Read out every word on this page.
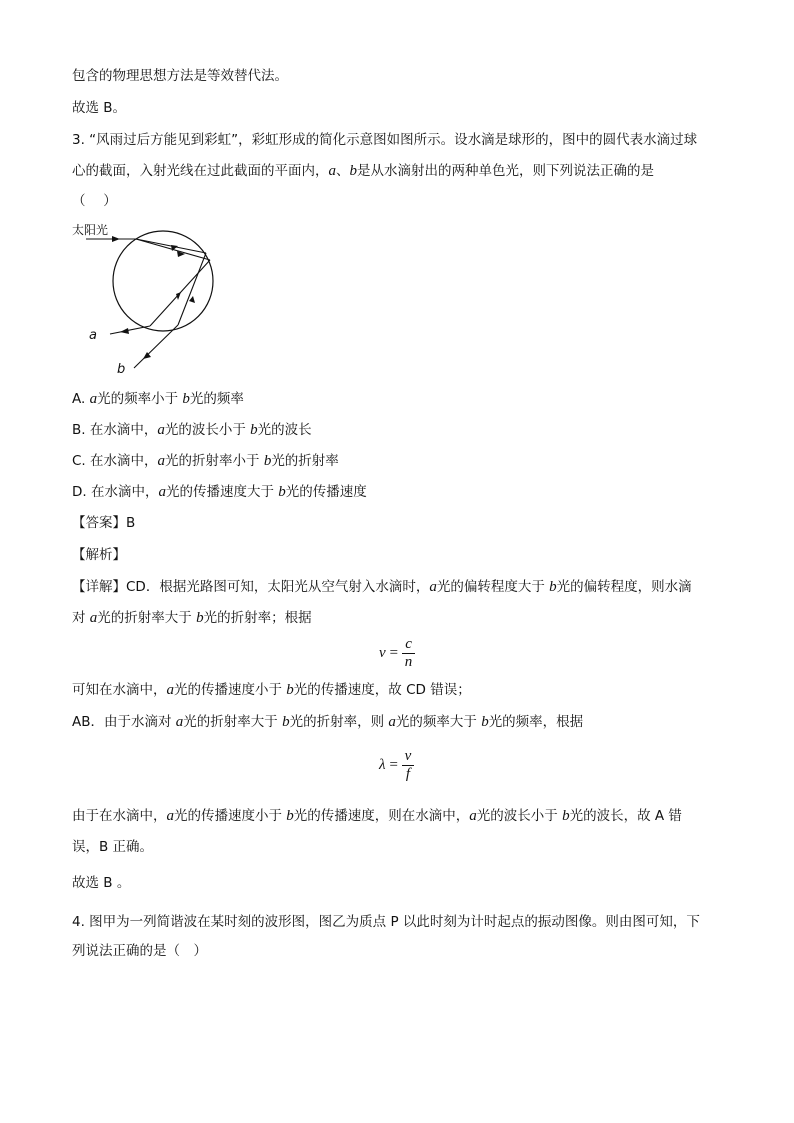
包含的物理思想方法是等效替代法。
故选 B。
3. “风雨过后方能见到彩虹”，彩虹形成的简化示意图如图所示。设水滴是球形的，图中的圆代表水滴过球
心的截面，入射光线在过此截面的平面内，a、b是从水滴射出的两种单色光，则下列说法正确的是
（　 ）
太阳光
a
b
A. a光的频率小于 b光的频率
B. 在水滴中，a光的波长小于 b光的波长
C. 在水滴中，a光的折射率小于 b光的折射率
D. 在水滴中，a光的传播速度大于 b光的传播速度
【答案】B
【解析】
【详解】CD．根据光路图可知，太阳光从空气射入水滴时，a光的偏转程度大于 b光的偏转程度，则水滴
对 a光的折射率大于 b光的折射率；根据
$v = \frac{c}{n}$
可知在水滴中，a光的传播速度小于 b光的传播速度，故 CD 错误；
AB．由于水滴对 a光的折射率大于 b光的折射率，则 a光的频率大于 b光的频率，根据
$\lambda = \frac{v}{f}$
由于在水滴中，a光的传播速度小于 b光的传播速度，则在水滴中，a光的波长小于 b光的波长，故 A 错
误，B 正确。
故选 B 。
4. 图甲为一列简谐波在某时刻的波形图，图乙为质点 P 以此时刻为计时起点的振动图像。则由图可知，下
列说法正确的是（　）
